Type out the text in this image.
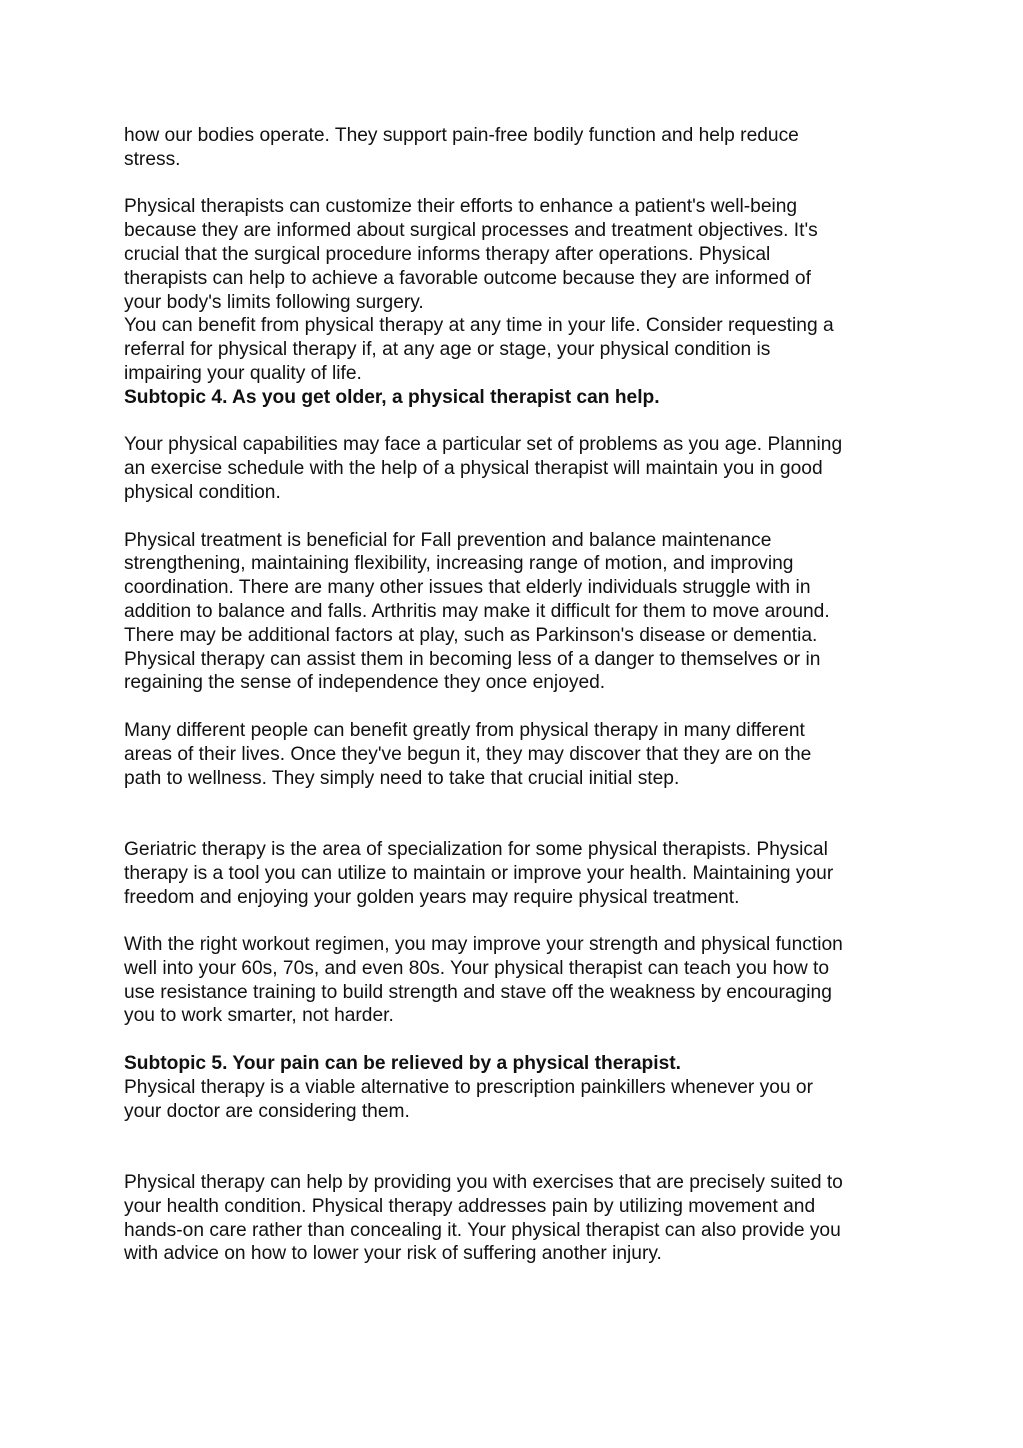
how our bodies operate. They support pain-free bodily function and help reduce
stress.
Physical therapists can customize their efforts to enhance a patient's well-being
because they are informed about surgical processes and treatment objectives. It's
crucial that the surgical procedure informs therapy after operations. Physical
therapists can help to achieve a favorable outcome because they are informed of
your body's limits following surgery.
You can benefit from physical therapy at any time in your life. Consider requesting a
referral for physical therapy if, at any age or stage, your physical condition is
impairing your quality of life.
Subtopic 4. As you get older, a physical therapist can help.
Your physical capabilities may face a particular set of problems as you age. Planning
an exercise schedule with the help of a physical therapist will maintain you in good
physical condition.
Physical treatment is beneficial for Fall prevention and balance maintenance
strengthening, maintaining flexibility, increasing range of motion, and improving
coordination. There are many other issues that elderly individuals struggle with in
addition to balance and falls. Arthritis may make it difficult for them to move around.
There may be additional factors at play, such as Parkinson's disease or dementia.
Physical therapy can assist them in becoming less of a danger to themselves or in
regaining the sense of independence they once enjoyed.
Many different people can benefit greatly from physical therapy in many different
areas of their lives. Once they've begun it, they may discover that they are on the
path to wellness. They simply need to take that crucial initial step.
Geriatric therapy is the area of specialization for some physical therapists. Physical
therapy is a tool you can utilize to maintain or improve your health. Maintaining your
freedom and enjoying your golden years may require physical treatment.
With the right workout regimen, you may improve your strength and physical function
well into your 60s, 70s, and even 80s. Your physical therapist can teach you how to
use resistance training to build strength and stave off the weakness by encouraging
you to work smarter, not harder.
Subtopic 5. Your pain can be relieved by a physical therapist.
Physical therapy is a viable alternative to prescription painkillers whenever you or
your doctor are considering them.
Physical therapy can help by providing you with exercises that are precisely suited to
your health condition. Physical therapy addresses pain by utilizing movement and
hands-on care rather than concealing it. Your physical therapist can also provide you
with advice on how to lower your risk of suffering another injury.
